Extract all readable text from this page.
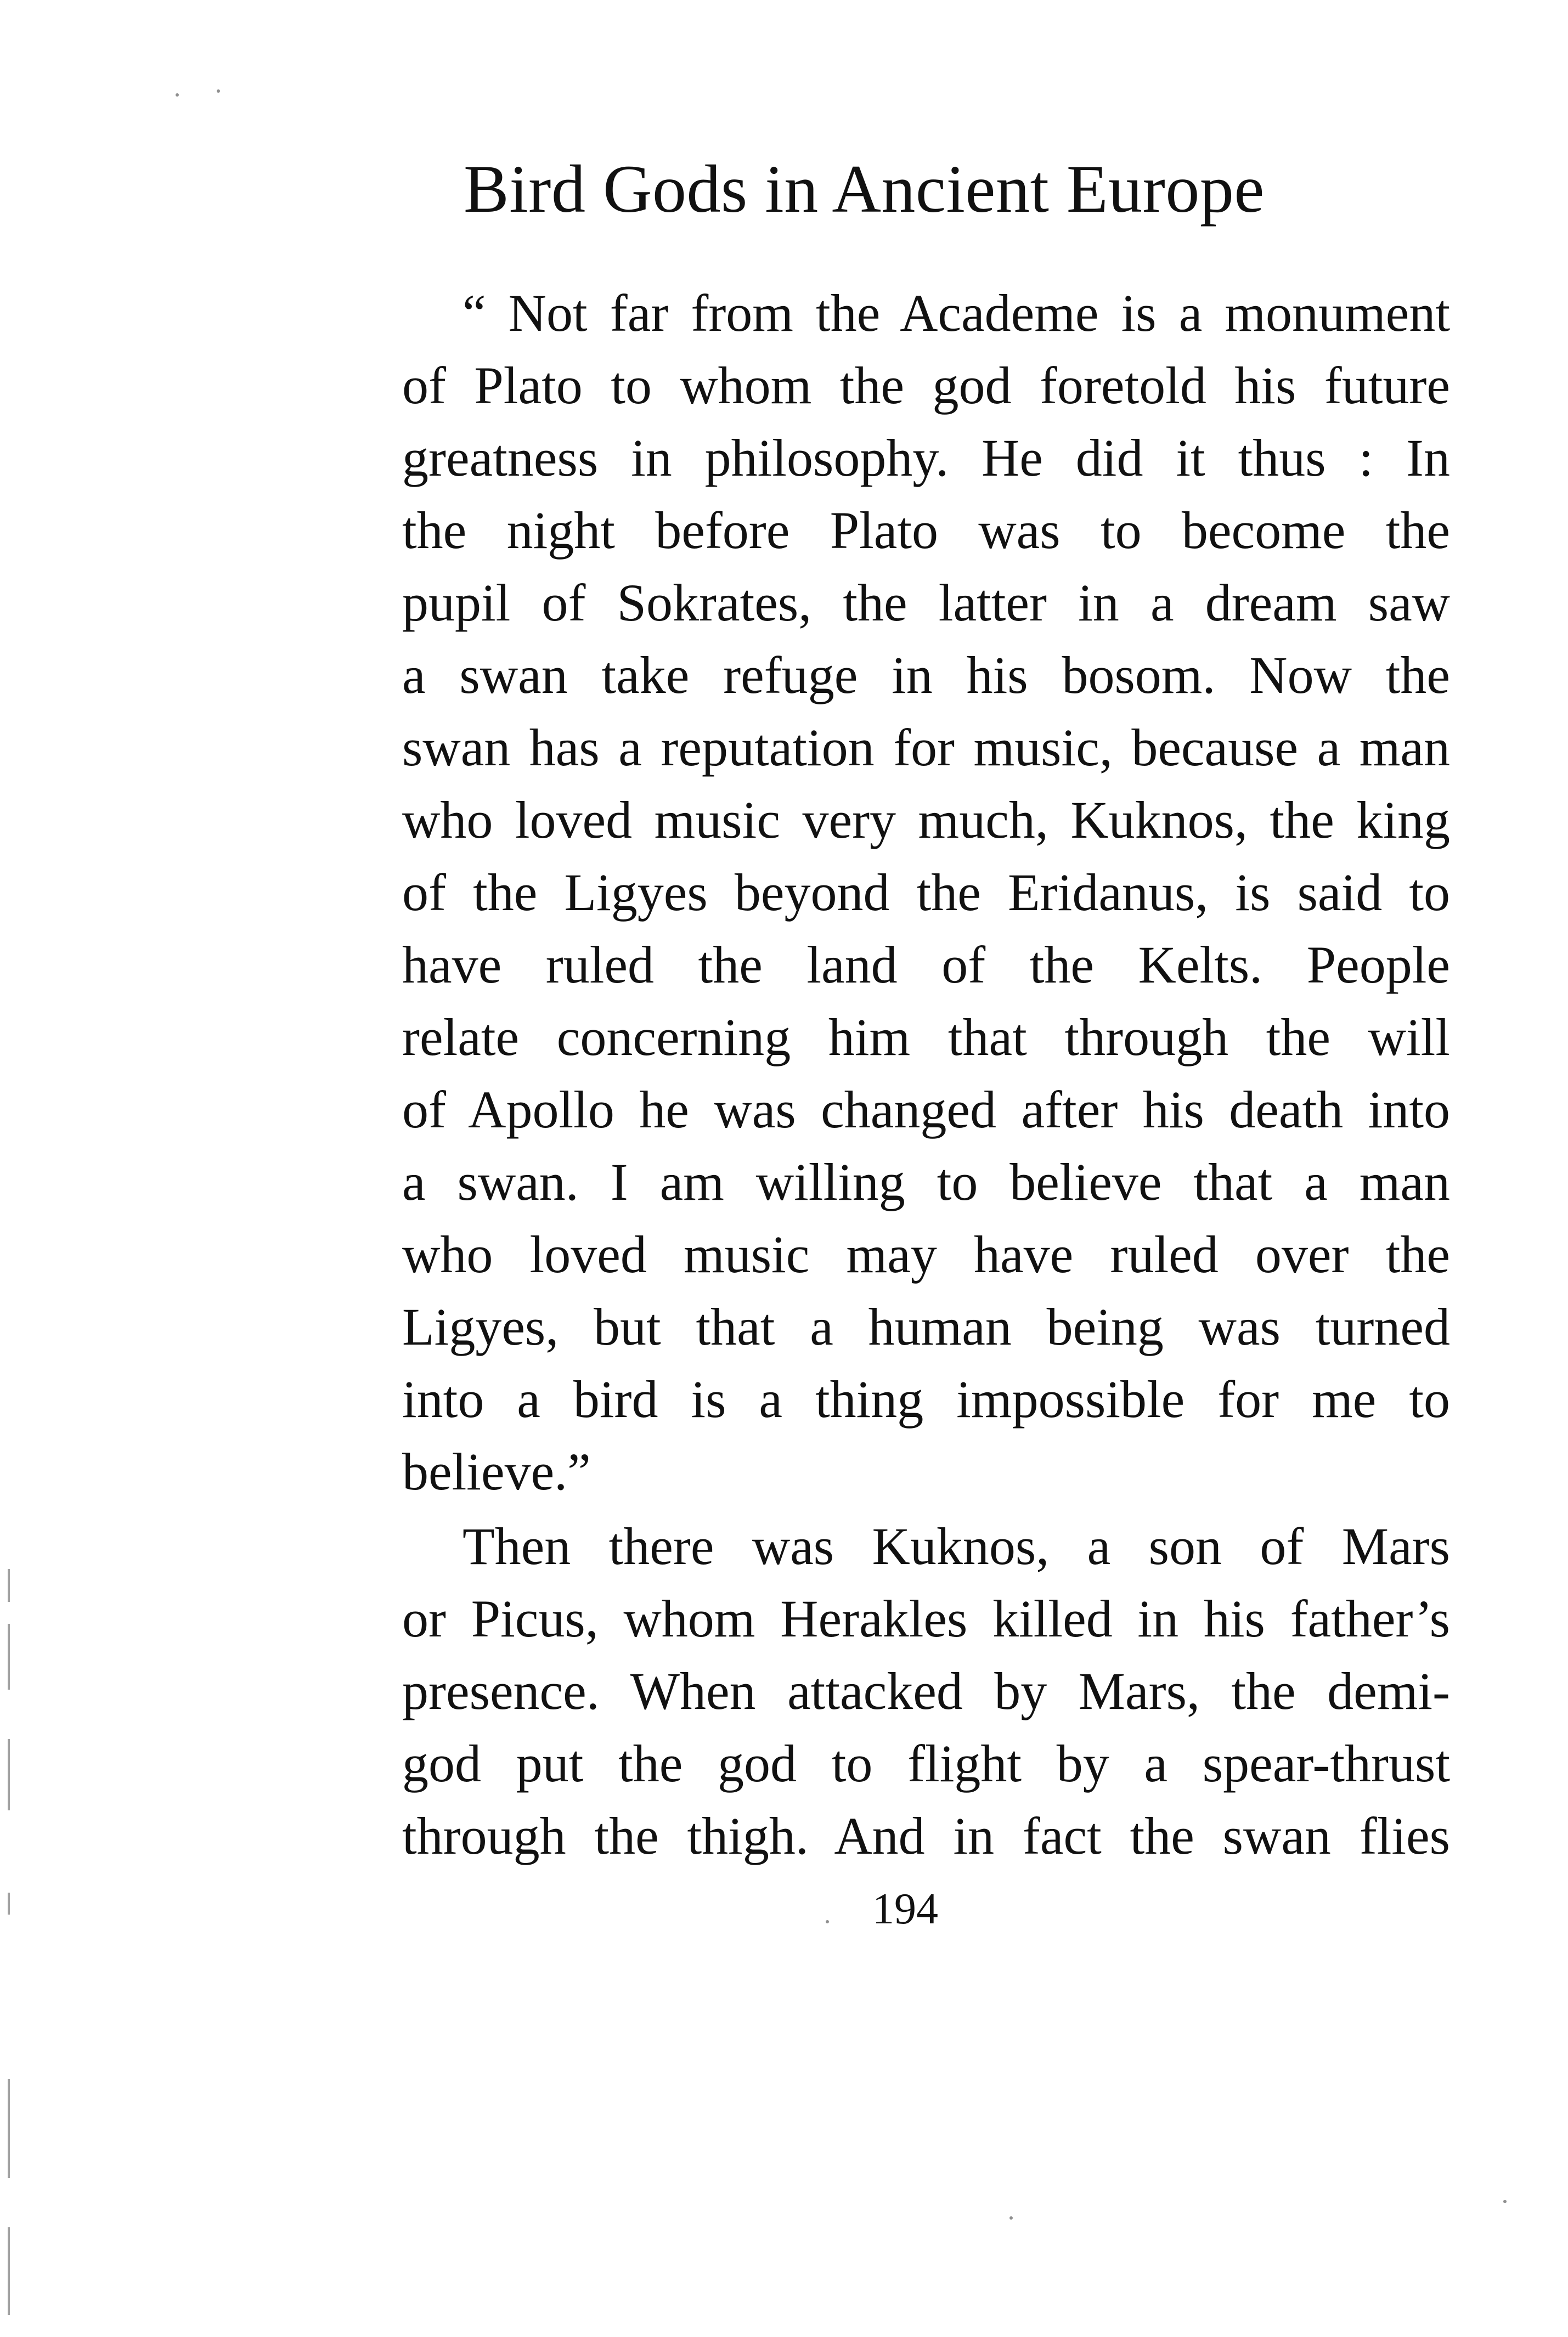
Bird Gods in Ancient Europe
“ Not far from the Academe is a monument
of Plato to whom the god foretold his future
greatness in philosophy. He did it thus : In
the night before Plato was to become the
pupil of Sokrates, the latter in a dream saw
a swan take refuge in his bosom. Now the
swan has a reputation for music, because a man
who loved music very much, Kuknos, the king
of the Ligyes beyond the Eridanus, is said to
have ruled the land of the Kelts. People
relate concerning him that through the will
of Apollo he was changed after his death into
a swan. I am willing to believe that a man
who loved music may have ruled over the
Ligyes, but that a human being was turned
into a bird is a thing impossible for me to
believe.”
Then there was Kuknos, a son of Mars
or Picus, whom Herakles killed in his father’s
presence. When attacked by Mars, the demi-
god put the god to flight by a spear-thrust
through the thigh. And in fact the swan flies
194
